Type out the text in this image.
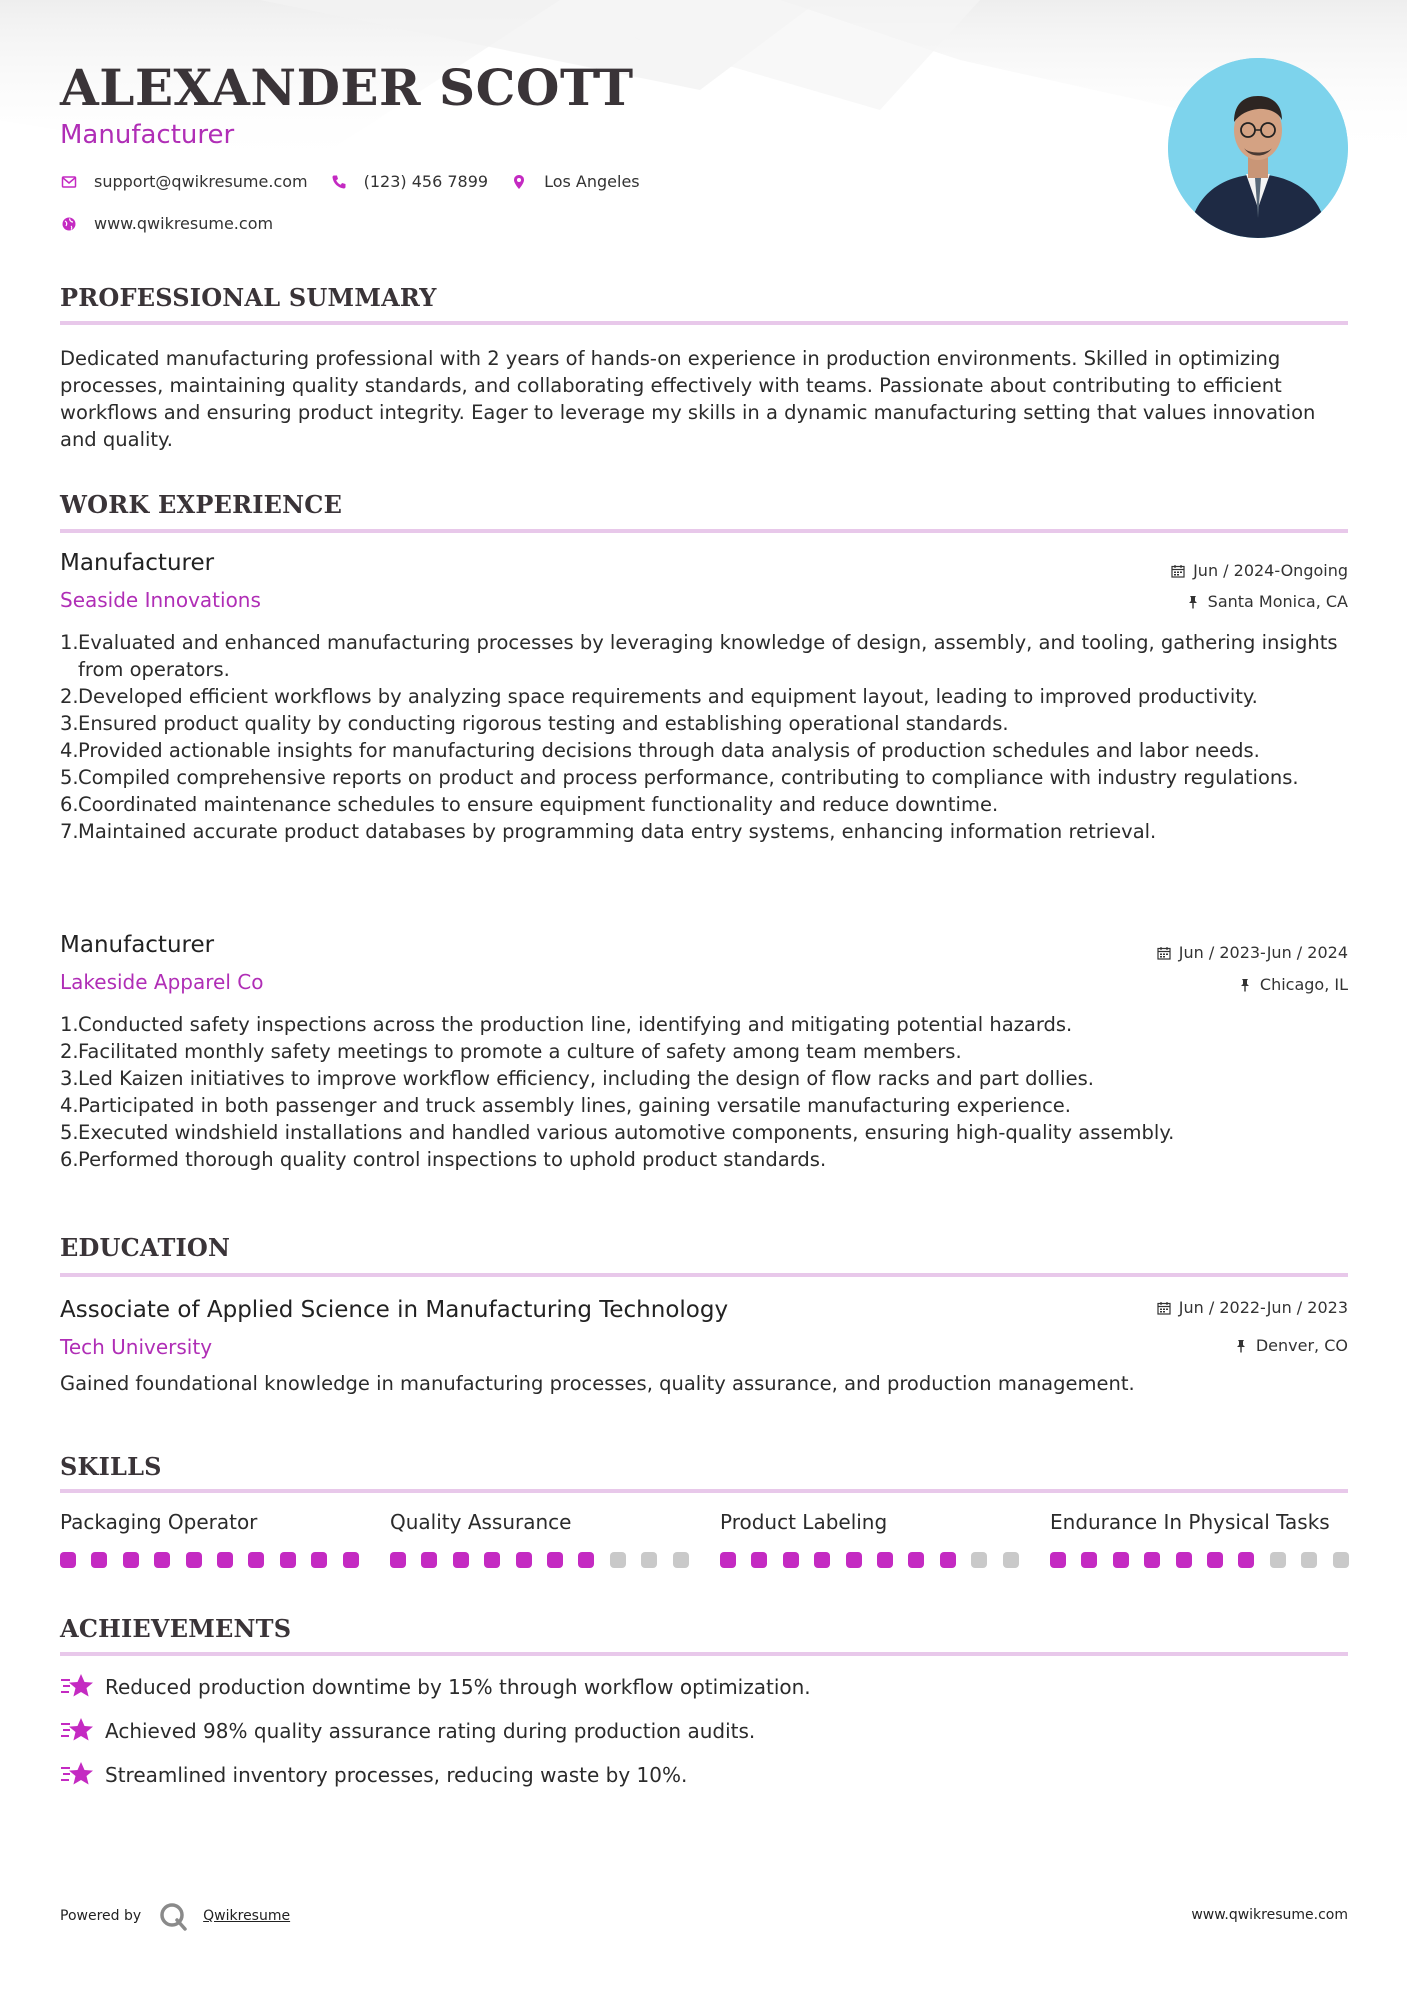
ALEXANDER SCOTT
Manufacturer
support@qwikresume.com	(123) 456 7899	Los Angeles
www.qwikresume.com
PROFESSIONAL SUMMARY
Dedicated manufacturing professional with 2 years of hands-on experience in production environments. Skilled in optimizing processes, maintaining quality standards, and collaborating effectively with teams. Passionate about contributing to efficient workflows and ensuring product integrity. Eager to leverage my skills in a dynamic manufacturing setting that values innovation and quality.
WORK EXPERIENCE
Manufacturer	Jun / 2024-Ongoing
Seaside Innovations	Santa Monica, CA
1. Evaluated and enhanced manufacturing processes by leveraging knowledge of design, assembly, and tooling, gathering insights from operators.
2. Developed efficient workflows by analyzing space requirements and equipment layout, leading to improved productivity.
3. Ensured product quality by conducting rigorous testing and establishing operational standards.
4. Provided actionable insights for manufacturing decisions through data analysis of production schedules and labor needs.
5. Compiled comprehensive reports on product and process performance, contributing to compliance with industry regulations.
6. Coordinated maintenance schedules to ensure equipment functionality and reduce downtime.
7. Maintained accurate product databases by programming data entry systems, enhancing information retrieval.
Manufacturer	Jun / 2023-Jun / 2024
Lakeside Apparel Co	Chicago, IL
1. Conducted safety inspections across the production line, identifying and mitigating potential hazards.
2. Facilitated monthly safety meetings to promote a culture of safety among team members.
3. Led Kaizen initiatives to improve workflow efficiency, including the design of flow racks and part dollies.
4. Participated in both passenger and truck assembly lines, gaining versatile manufacturing experience.
5. Executed windshield installations and handled various automotive components, ensuring high-quality assembly.
6. Performed thorough quality control inspections to uphold product standards.
EDUCATION
Associate of Applied Science in Manufacturing Technology	Jun / 2022-Jun / 2023
Tech University	Denver, CO
Gained foundational knowledge in manufacturing processes, quality assurance, and production management.
SKILLS
Packaging Operator	Quality Assurance	Product Labeling	Endurance In Physical Tasks
ACHIEVEMENTS
Reduced production downtime by 15% through workflow optimization.
Achieved 98% quality assurance rating during production audits.
Streamlined inventory processes, reducing waste by 10%.
Powered by	Qwikresume	www.qwikresume.com
